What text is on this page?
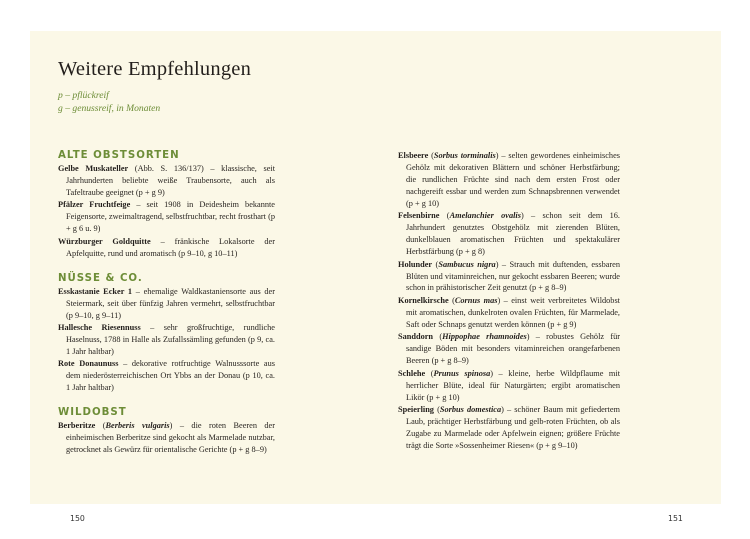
Weitere Empfehlungen
p – pflückreif
g – genussreif, in Monaten
ALTE OBSTSORTEN
Gelbe Muskateller (Abb. S. 136/137) – klassische, seit Jahrhunderten beliebte weiße Traubensorte, auch als Tafeltraube geeignet (p + g 9)
Pfälzer Fruchtfeige – seit 1908 in Deidesheim bekannte Feigensorte, zweimaltragend, selbstfruchtbar, recht frosthart (p + g 6 u. 9)
Würzburger Goldquitte – fränkische Lokalsorte der Apfelquitte, rund und aromatisch (p 9–10, g 10–11)
NÜSSE & CO.
Esskastanie Ecker 1 – ehemalige Waldkastaniensorte aus der Steiermark, seit über fünfzig Jahren vermehrt, selbstfruchtbar (p 9–10, g 9–11)
Hallesche Riesennuss – sehr großfruchtige, rundliche Haselnuss, 1788 in Halle als Zufallssämling gefunden (p 9, ca. 1 Jahr haltbar)
Rote Donaunuss – dekorative rotfruchtige Walnusssorte aus dem niederösterreichischen Ort Ybbs an der Donau (p 10, ca. 1 Jahr haltbar)
WILDOBST
Berberitze (Berberis vulgaris) – die roten Beeren der einheimischen Berberitze sind gekocht als Marmelade nutzbar, getrocknet als Gewürz für orientalische Gerichte (p + g 8–9)
Elsbeere (Sorbus torminalis) – selten gewordenes einheimisches Gehölz mit dekorativen Blättern und schöner Herbstfärbung; die rundlichen Früchte sind nach dem ersten Frost oder nachgereift essbar und werden zum Schnapsbrennen verwendet (p + g 10)
Felsenbirne (Amelanchier ovalis) – schon seit dem 16. Jahrhundert genutztes Obstgehölz mit zierenden Blüten, dunkelblauen aromatischen Früchten und spektakulärer Herbstfärbung (p + g 8)
Holunder (Sambucus nigra) – Strauch mit duftenden, essbaren Blüten und vitaminreichen, nur gekocht essbaren Beeren; wurde schon in prähistorischer Zeit genutzt (p + g 8–9)
Kornelkirsche (Cornus mas) – einst weit verbreitetes Wildobst mit aromatischen, dunkelroten ovalen Früchten, für Marmelade, Saft oder Schnaps genutzt werden können (p + g 9)
Sanddorn (Hippophae rhamnoides) – robustes Gehölz für sandige Böden mit besonders vitaminreichen orangefarbenen Beeren (p + g 8–9)
Schlehe (Prunus spinosa) – kleine, herbe Wildpflaume mit herrlicher Blüte, ideal für Naturgärten; ergibt aromatischen Likör (p + g 10)
Speierling (Sorbus domestica) – schöner Baum mit gefiedertem Laub, prächtiger Herbstfärbung und gelb-roten Früchten, ob als Zugabe zu Marmelade oder Apfelwein eignen; größere Früchte trägt die Sorte »Sossenheimer Riesen« (p + g 9–10)
150	151
